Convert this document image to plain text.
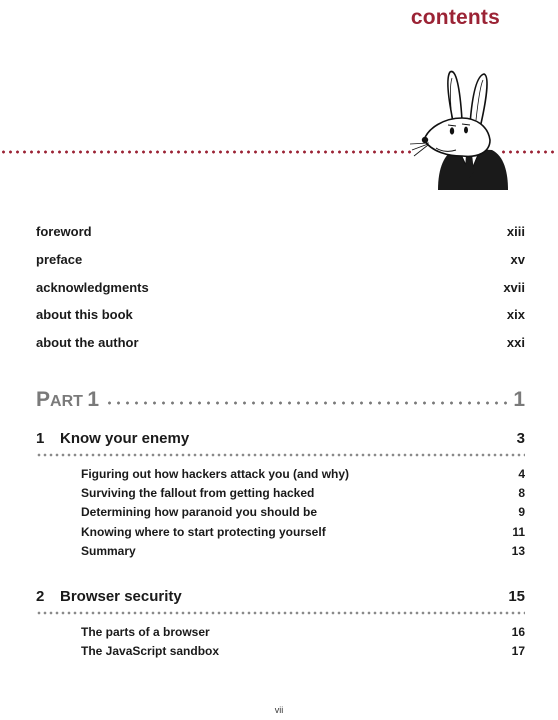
contents
foreword	xiii
preface	xv
acknowledgments	xvii
about this book	xix
about the author	xxi
PART 1	1
1 Know your enemy	3
Figuring out how hackers attack you (and why)	4
Surviving the fallout from getting hacked	8
Determining how paranoid you should be	9
Knowing where to start protecting yourself	11
Summary	13
2 Browser security	15
The parts of a browser	16
The JavaScript sandbox	17
vii
